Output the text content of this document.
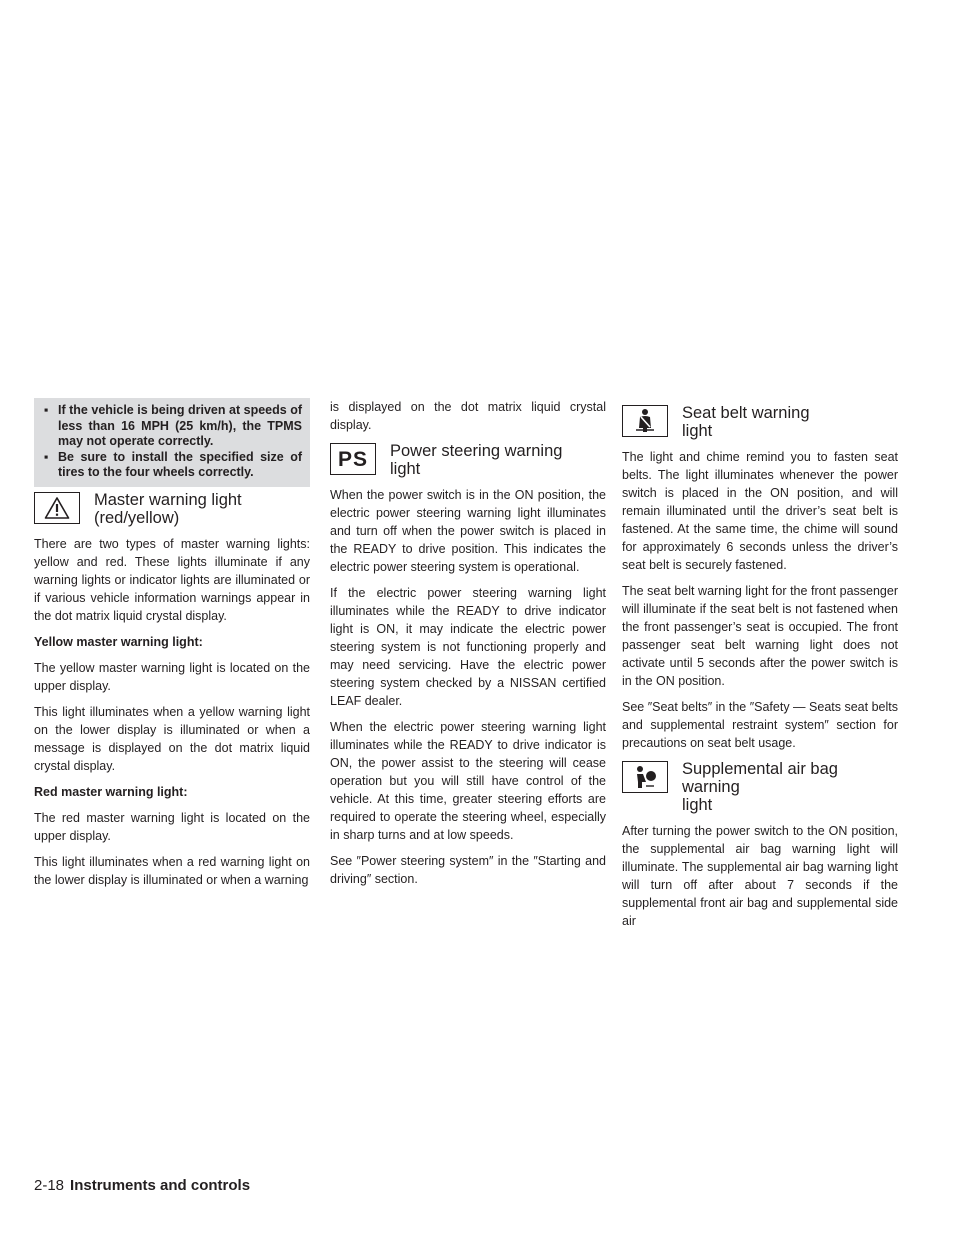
▪ If the vehicle is being driven at speeds of less than 16 MPH (25 km/h), the TPMS may not operate correctly.
▪ Be sure to install the specified size of tires to the four wheels correctly.
Master warning light
(red/yellow)

There are two types of master warning lights: yellow and red. These lights illuminate if any warning lights or indicator lights are illuminated or if various vehicle information warnings appear in the dot matrix liquid crystal display.

Yellow master warning light:

The yellow master warning light is located on the upper display.

This light illuminates when a yellow warning light on the lower display is illuminated or when a message is displayed on the dot matrix liquid crystal display.

Red master warning light:

The red master warning light is located on the upper display.

This light illuminates when a red warning light on the lower display is illuminated or when a warning

is displayed on the dot matrix liquid crystal display.

PS Power steering warning
light

When the power switch is in the ON position, the electric power steering warning light illuminates and turn off when the power switch is placed in the READY to drive position. This indicates the electric power steering system is operational.

If the electric power steering warning light illuminates while the READY to drive indicator light is ON, it may indicate the electric power steering system is not functioning properly and may need servicing. Have the electric power steering system checked by a NISSAN certified LEAF dealer.

When the electric power steering warning light illuminates while the READY to drive indicator is ON, the power assist to the steering will cease operation but you will still have control of the vehicle. At this time, greater steering efforts are required to operate the steering wheel, especially in sharp turns and at low speeds.

See ″Power steering system″ in the ″Starting and driving″ section.

Seat belt warning
light

The light and chime remind you to fasten seat belts. The light illuminates whenever the power switch is placed in the ON position, and will remain illuminated until the driver’s seat belt is fastened. At the same time, the chime will sound for approximately 6 seconds unless the driver’s seat belt is securely fastened.

The seat belt warning light for the front passenger will illuminate if the seat belt is not fastened when the front passenger’s seat is occupied. The front passenger seat belt warning light does not activate until 5 seconds after the power switch is in the ON position.

See ″Seat belts″ in the ″Safety — Seats seat belts and supplemental restraint system″ section for precautions on seat belt usage.

Supplemental air bag warning
light

After turning the power switch to the ON position, the supplemental air bag warning light will illuminate. The supplemental air bag warning light will turn off after about 7 seconds if the supplemental front air bag and supplemental side air

2-18 Instruments and controls
